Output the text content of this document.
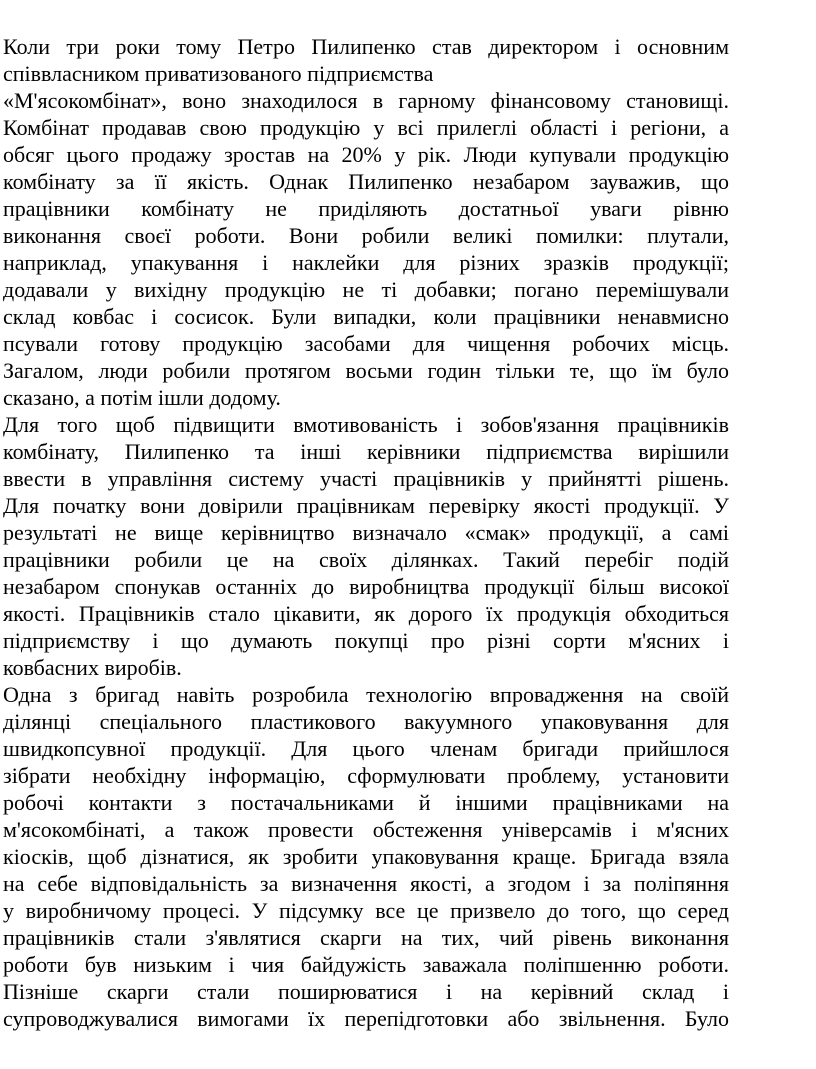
Коли три роки тому Петро Пилипенко став директором і основним
співвласником приватизованого підприємства
«М'ясокомбінат», воно знаходилося в гарному фінансовому становищі.
Комбінат продавав свою продукцію у всі прилеглі області і регіони, а
обсяг цього продажу зростав на 20% у рік. Люди купували продукцію
комбінату за її якість. Однак Пилипенко незабаром зауважив, що
працівники комбінату не приділяють достатньої уваги рівню
виконання своєї роботи. Вони робили великі помилки: плутали,
наприклад, упакування і наклейки для різних зразків продукції;
додавали у вихідну продукцію не ті добавки; погано перемішували
склад ковбас і сосисок. Були випадки, коли працівники ненавмисно
псували готову продукцію засобами для чищення робочих місць.
Загалом, люди робили протягом восьми годин тільки те, що їм було
сказано, а потім ішли додому.
Для того щоб підвищити вмотивованість і зобов'язання працівників
комбінату, Пилипенко та інші керівники підприємства вирішили
ввести в управління систему участі працівників у прийнятті рішень.
Для початку вони довірили працівникам перевірку якості продукції. У
результаті не вище керівництво визначало «смак» продукції, а самі
працівники робили це на своїх ділянках. Такий перебіг подій
незабаром спонукав останніх до виробництва продукції більш високої
якості. Працівників стало цікавити, як дорого їх продукція обходиться
підприємству і що думають покупці про різні сорти м'ясних і
ковбасних виробів.
Одна з бригад навіть розробила технологію впровадження на своїй
ділянці спеціального пластикового вакуумного упаковування для
швидкопсувної продукції. Для цього членам бригади прийшлося
зібрати необхідну інформацію, сформулювати проблему, установити
робочі контакти з постачальниками й іншими працівниками на
м'ясокомбінаті, а також провести обстеження універсамів і м'ясних
кіосків, щоб дізнатися, як зробити упаковування краще. Бригада взяла
на себе відповідальність за визначення якості, а згодом і за поліпяння
у виробничому процесі. У підсумку все це призвело до того, що серед
працівників стали з'являтися скарги на тих, чий рівень виконання
роботи був низьким і чия байдужість заважала поліпшенню роботи.
Пізніше скарги стали поширюватися і на керівний склад і
супроводжувалися вимогами їх перепідготовки або звільнення. Було
